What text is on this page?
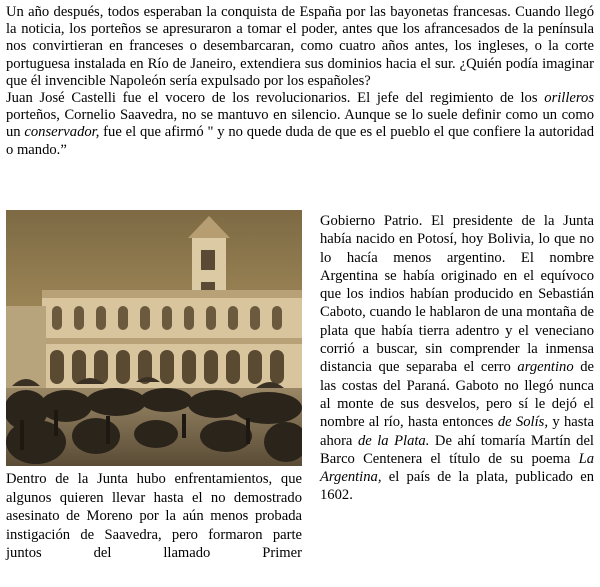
Un año después, todos esperaban la conquista de España por las bayonetas francesas. Cuando llegó la noticia, los porteños se apresuraron a tomar el poder, antes que los afrancesados de la península nos convirtieran en franceses o desembarcaran, como cuatro años antes, los ingleses, o la corte portuguesa instalada en Río de Janeiro, extendiera sus dominios hacia el sur. ¿Quién podía imaginar que él invencible Napoleón sería expulsado por los españoles?

Juan José Castelli fue el vocero de los revolucionarios. El jefe del regimiento de los orilleros porteños, Cornelio Saavedra, no se mantuvo en silencio. Aunque se lo suele definir como un como un conservador, fue el que afirmó " y no quede duda de que es el pueblo el que confiere la autoridad o mando.”

Dentro de la Junta hubo enfrentamientos, que algunos quieren llevar hasta el no demostrado asesinato de Moreno por la aún menos probada instigación de Saavedra, pero formaron parte juntos del llamado Primer

Gobierno Patrio. El presidente de la Junta había nacido en Potosí, hoy Bolivia, lo que no lo hacía menos argentino. El nombre Argentina se había originado en el equívoco que los indios habían producido en Sebastián Caboto, cuando le hablaron de una montaña de plata que había tierra adentro y el veneciano corrió a buscar, sin comprender la inmensa distancia que separaba el cerro argentino de las costas del Paraná. Gaboto no llegó nunca al monte de sus desvelos, pero sí le dejó el nombre al río, hasta entonces de Solís, y hasta ahora de la Plata. De ahí tomaría Martín del Barco Centenera el título de su poema La Argentina, el país de la plata, publicado en 1602.
